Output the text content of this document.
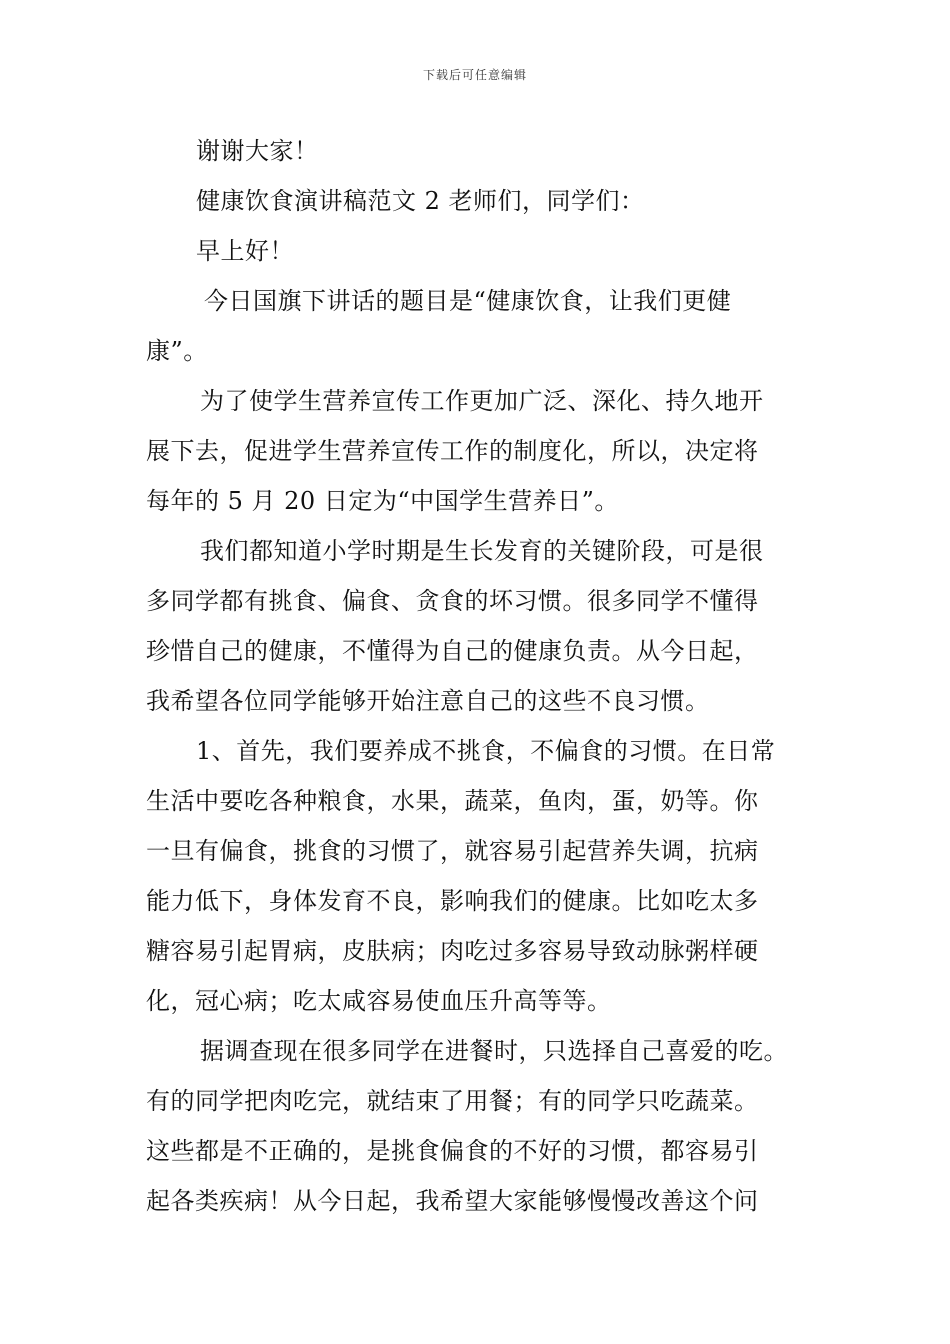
下载后可任意编辑
谢谢大家！
健康饮食演讲稿范文 2 老师们，同学们：
早上好！
今日国旗下讲话的题目是“健康饮食，让我们更健
康”。
为了使学生营养宣传工作更加广泛、深化、持久地开
展下去，促进学生营养宣传工作的制度化，所以，决定将
每年的 5 月 20 日定为“中国学生营养日”。
我们都知道小学时期是生长发育的关键阶段，可是很
多同学都有挑食、偏食、贪食的坏习惯。很多同学不懂得
珍惜自己的健康，不懂得为自己的健康负责。从今日起，
我希望各位同学能够开始注意自己的这些不良习惯。
1、首先，我们要养成不挑食，不偏食的习惯。在日常
生活中要吃各种粮食，水果，蔬菜，鱼肉，蛋，奶等。你
一旦有偏食，挑食的习惯了，就容易引起营养失调，抗病
能力低下，身体发育不良，影响我们的健康。比如吃太多
糖容易引起胃病，皮肤病；肉吃过多容易导致动脉粥样硬
化，冠心病；吃太咸容易使血压升高等等。
据调查现在很多同学在进餐时，只选择自己喜爱的吃。
有的同学把肉吃完，就结束了用餐；有的同学只吃蔬菜。
这些都是不正确的，是挑食偏食的不好的习惯，都容易引
起各类疾病！从今日起，我希望大家能够慢慢改善这个问
